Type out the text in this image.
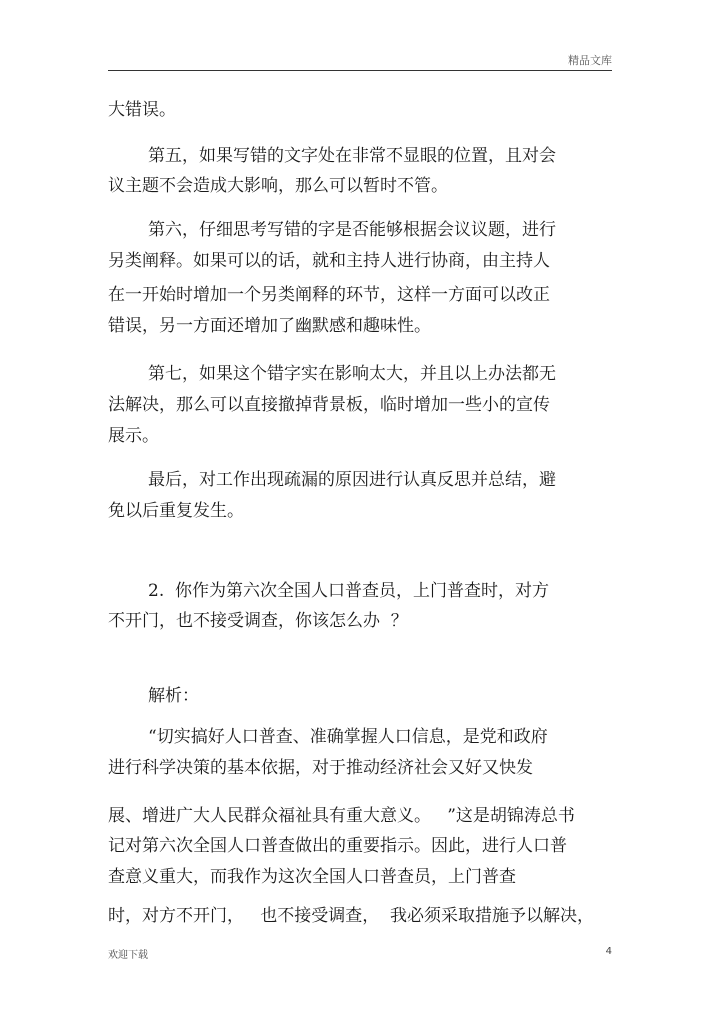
精品文库
大错误。
第五，如果写错的文字处在非常不显眼的位置，且对会
议主题不会造成大影响，那么可以暂时不管。
第六，仔细思考写错的字是否能够根据会议议题，进行
另类阐释。如果可以的话，就和主持人进行协商，由主持人
在一开始时增加一个另类阐释的环节，这样一方面可以改正
错误，另一方面还增加了幽默感和趣味性。
第七，如果这个错字实在影响太大，并且以上办法都无
法解决，那么可以直接撤掉背景板，临时增加一些小的宣传
展示。
最后，对工作出现疏漏的原因进行认真反思并总结，避
免以后重复发生。
2.  你作为第六次全国人口普查员，上门普查时，对方
不开门，也不接受调查，你该怎么办  ？
解析：
“切实搞好人口普查、准确掌握人口信息，是党和政府
进行科学决策的基本依据，对于推动经济社会又好又快发
展、增进广大人民群众福祉具有重大意义。   ”这是胡锦涛总书
记对第六次全国人口普查做出的重要指示。因此，进行人口普
查意义重大，而我作为这次全国人口普查员，上门普查
时，对方不开门，   也不接受调查，  我必须采取措施予以解决，
欢迎下载	4
